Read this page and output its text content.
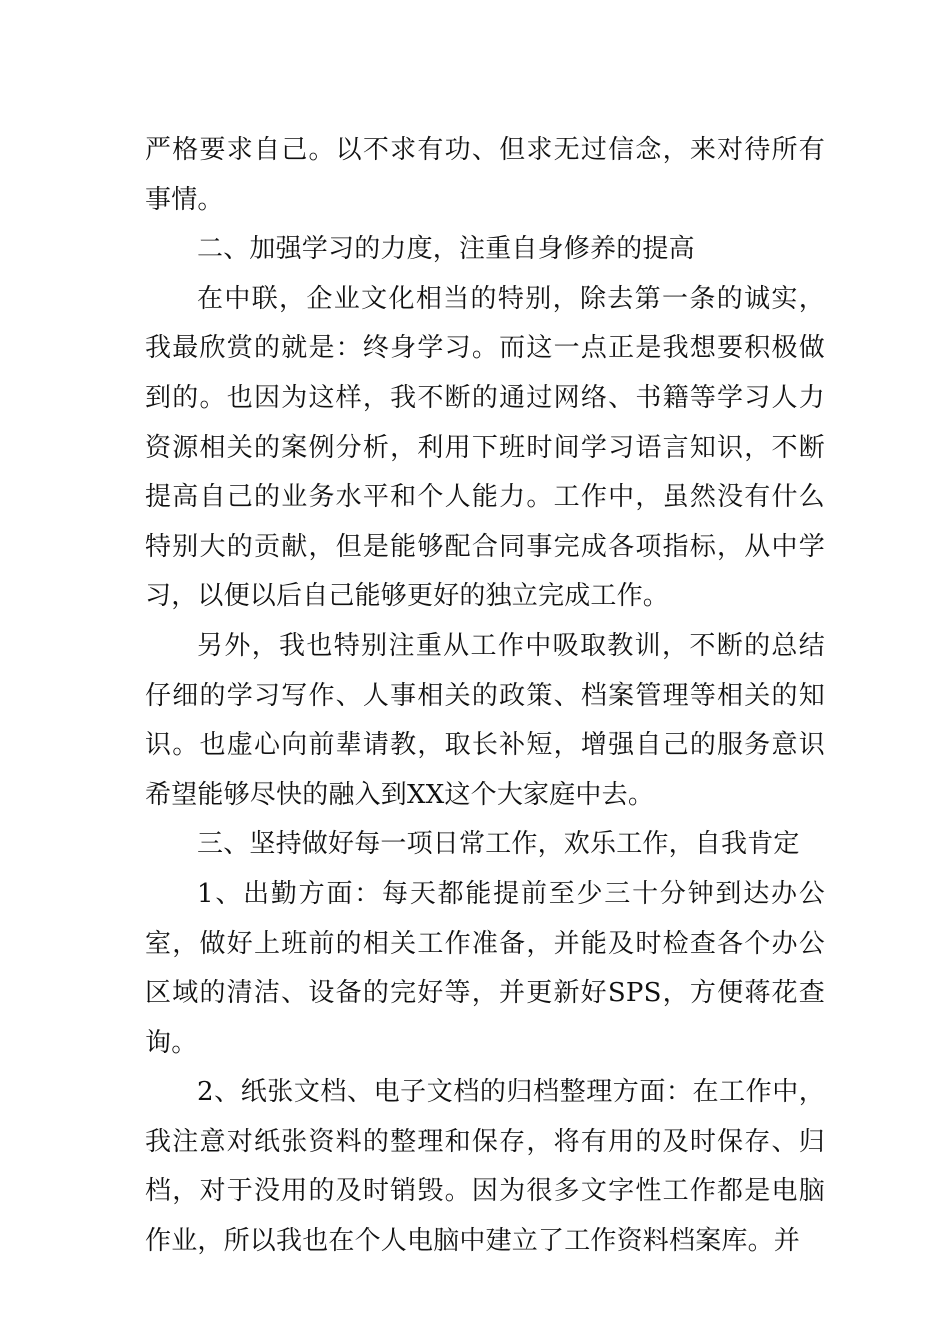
严格要求自己。以不求有功、但求无过信念，来对待所有事情。

二、加强学习的力度，注重自身修养的提高

在中联，企业文化相当的特别，除去第一条的诚实，我最欣赏的就是：终身学习。而这一点正是我想要积极做到的。也因为这样，我不断的通过网络、书籍等学习人力资源相关的案例分析，利用下班时间学习语言知识，不断提高自己的业务水平和个人能力。工作中，虽然没有什么特别大的贡献，但是能够配合同事完成各项指标，从中学习，以便以后自己能够更好的独立完成工作。

另外，我也特别注重从工作中吸取教训，不断的总结仔细的学习写作、人事相关的政策、档案管理等相关的知识。也虚心向前辈请教，取长补短，增强自己的服务意识希望能够尽快的融入到XX这个大家庭中去。

三、坚持做好每一项日常工作，欢乐工作，自我肯定

1、出勤方面：每天都能提前至少三十分钟到达办公室，做好上班前的相关工作准备，并能及时检查各个办公区域的清洁、设备的完好等，并更新好SPS，方便蒋花查询。

2、纸张文档、电子文档的归档整理方面：在工作中，我注意对纸张资料的整理和保存，将有用的及时保存、归档，对于没用的及时销毁。因为很多文字性工作都是电脑作业，所以我也在个人电脑中建立了工作资料档案库。并
